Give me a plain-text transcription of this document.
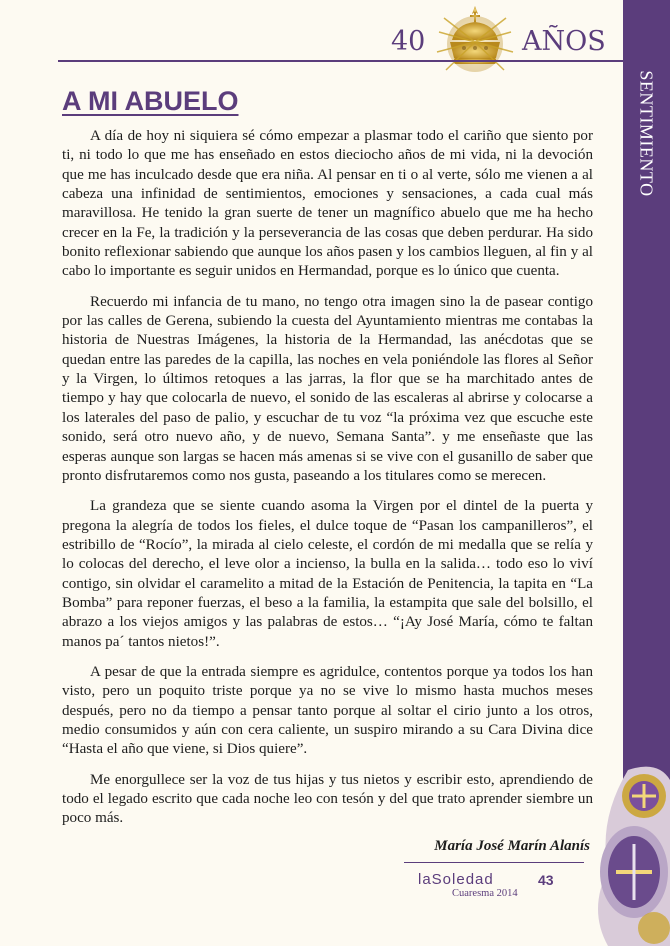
SENTIMIENTO
40	AÑOS
A MI ABUELO

A día de hoy ni siquiera sé cómo empezar a plasmar todo el cariño que siento por ti, ni todo lo que me has enseñado en estos dieciocho años de mi vida, ni la devoción que me has inculcado desde que era niña. Al pensar en ti o al verte, sólo me vienen a al cabeza una infinidad de sentimientos, emociones y sensaciones, a cada cual más maravillosa. He tenido la gran suerte de tener un magnífico abuelo que me ha hecho crecer en la Fe, la tradición y la perseverancia de las cosas que deben perdurar. Ha sido bonito reflexionar sabiendo que aunque los años pasen y los cambios lleguen, al fin y al cabo lo importante es seguir unidos en Hermandad, porque es lo único que cuenta.

Recuerdo mi infancia de tu mano, no tengo otra imagen sino la de pasear contigo por las calles de Gerena, subiendo la cuesta del Ayuntamiento mientras me contabas la historia de Nuestras Imágenes, la historia de la Hermandad, las anécdotas que se quedan entre las paredes de la capilla, las noches en vela poniéndole las flores al Señor y la Virgen, lo últimos retoques a las jarras, la flor que se ha marchitado antes de tiempo y hay que colocarla de nuevo, el sonido de las escaleras al abrirse y colocarse a los laterales del paso de palio, y escuchar de tu voz “la próxima vez que escuche este sonido, será otro nuevo año, y de nuevo, Semana Santa”. y me enseñaste que las esperas aunque son largas se hacen más amenas si se vive con el gusanillo de saber que pronto disfrutaremos como nos gusta, paseando a los titulares como se merecen.

La grandeza que se siente cuando asoma la Virgen por el dintel de la puerta y pregona la alegría de todos los fieles, el dulce toque de “Pasan los campanilleros”, el estribillo de “Rocío”, la mirada al cielo celeste, el cordón de mi medalla que se relía y lo colocas del derecho, el leve olor a incienso, la bulla en la salida… todo eso lo viví contigo, sin olvidar el caramelito a mitad de la Estación de Penitencia, la tapita en “La Bomba” para reponer fuerzas, el beso a la familia, la estampita que sale del bolsillo, el abrazo a los viejos amigos y las palabras de estos… “¡Ay José María, cómo te faltan manos pa´ tantos nietos!”.

A pesar de que la entrada siempre es agridulce, contentos porque ya todos los han visto, pero un poquito triste porque ya no se vive lo mismo hasta muchos meses después, pero no da tiempo a pensar tanto porque al soltar el cirio junto a los otros, medio consumidos y aún con cera caliente, un suspiro mirando a su Cara Divina dice “Hasta el año que viene, si Dios quiere”.

Me enorgullece ser la voz de tus hijas y tus nietos y escribir esto, aprendiendo de todo el legado escrito que cada noche leo con tesón y del que trato aprender siembre un poco más.

María José Marín Alanís
laSoledad
Cuaresma 2014
43
